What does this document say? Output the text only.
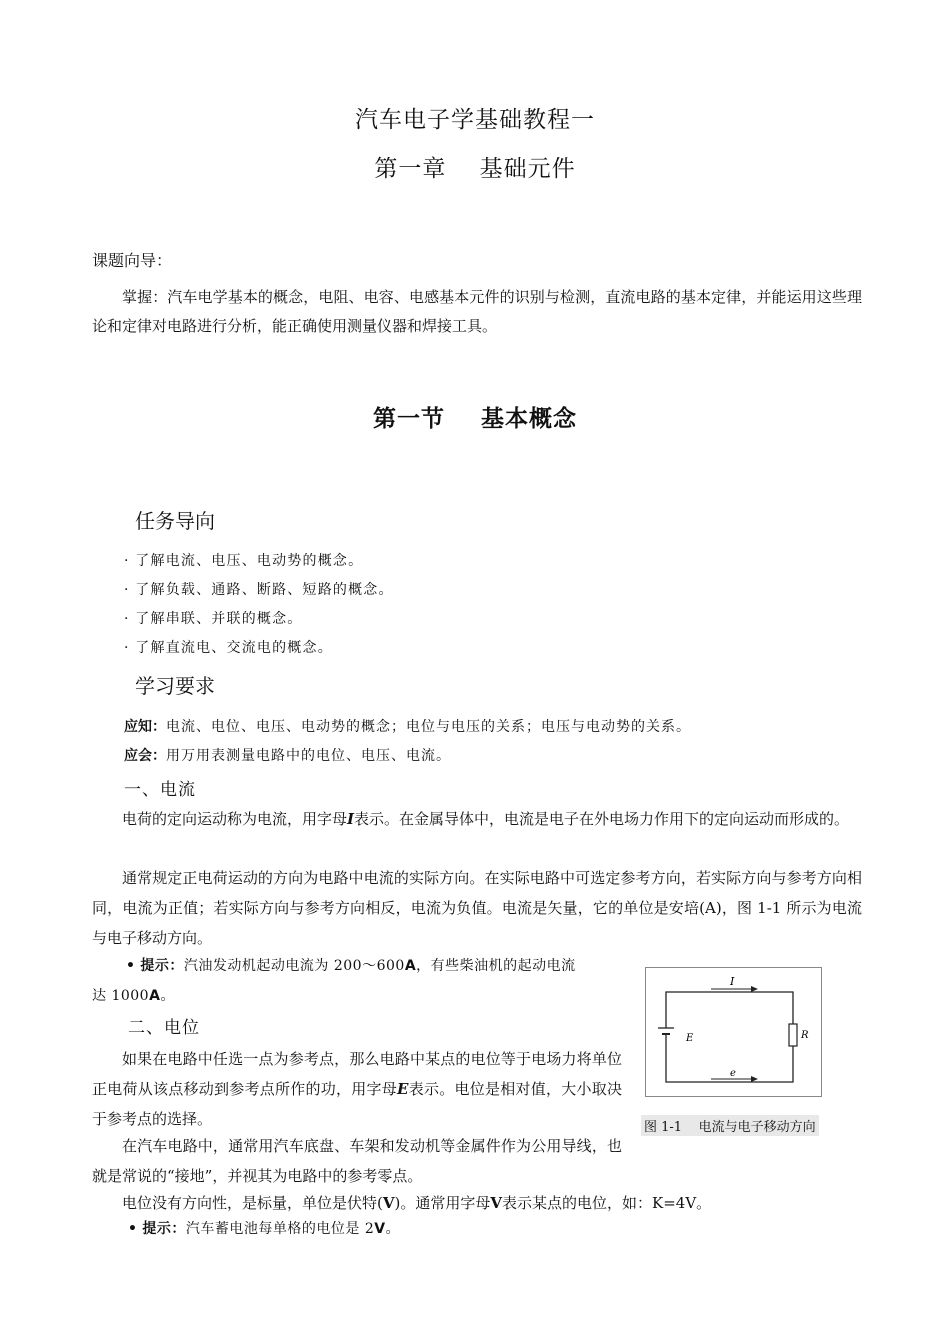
汽车电子学基础教程一
第一章    基础元件
课题向导：
掌握：汽车电学基本的概念，电阻、电容、电感基本元件的识别与检测，直流电路的基本定律，并能运用这些理论和定律对电路进行分析，能正确使用测量仪器和焊接工具。
第一节    基本概念
任务导向
· 了解电流、电压、电动势的概念。
· 了解负载、通路、断路、短路的概念。
· 了解串联、并联的概念。
· 了解直流电、交流电的概念。
学习要求
应知：电流、电位、电压、电动势的概念；电位与电压的关系；电压与电动势的关系。
应会：用万用表测量电路中的电位、电压、电流。
一、电流
电荷的定向运动称为电流，用字母I表示。在金属导体中，电流是电子在外电场力作用下的定向运动而形成的。
通常规定正电荷运动的方向为电路中电流的实际方向。在实际电路中可选定参考方向，若实际方向与参考方向相同，电流为正值；若实际方向与参考方向相反，电流为负值。电流是矢量，它的单位是安培(A)，图 1-1 所示为电流与电子移动方向。
• 提示：汽油发动机起动电流为 200～600A，有些柴油机的起动电流
达 1000A。
二、电位
如果在电路中任选一点为参考点，那么电路中某点的电位等于电场力将单位正电荷从该点移动到参考点所作的功，用字母E表示。电位是相对值，大小取决于参考点的选择。
在汽车电路中，通常用汽车底盘、车架和发动机等金属件作为公用导线，也就是常说的“接地”，并视其为电路中的参考零点。
电位没有方向性，是标量，单位是伏特(V)。通常用字母V表示某点的电位，如：K=4V。
• 提示：汽车蓄电池每单格的电位是 2V。
I
E	R
e
图 1-1    电流与电子移动方向
